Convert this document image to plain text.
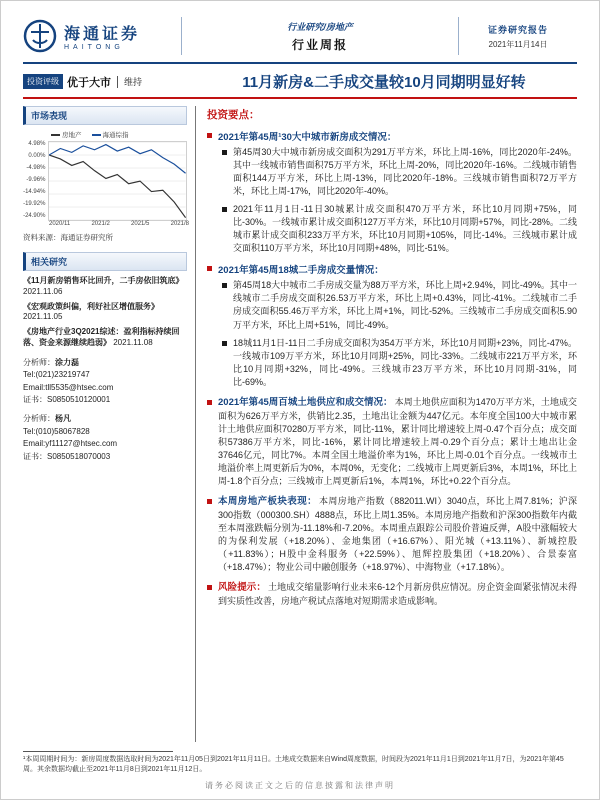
海通证券
HAITONG
行业研究/房地产
行业周报
证券研究报告
2021年11月14日
投资评级 优于大市 维持	11月新房&二手成交量较10月同期明显好转
市场表现
房地产	海通综指
4.98%
0.00%
-4.98%
-9.96%
-14.94%
-19.92%
-24.90%
2020/11	2021/2	2021/5	2021/8
资料来源：海通证券研究所
相关研究
《11月新房销售环比回升，二手房依旧筑底》 2021.11.06
《宏观政策纠偏，利好社区增值服务》 2021.11.05
《房地产行业3Q2021综述：盈利指标持续回落、资金来源继续趋弱》 2021.11.08
分析师：涂力磊
Tel:(021)23219747
Email:tll5535@htsec.com
证书：S0850510120001
分析师：杨凡
Tel:(010)58067828
Email:yf11127@htsec.com
证书：S0850518070003
投资要点：
2021年第45周¹30大中城市新房成交情况：

第45周30大中城市新房成交面积为291万平方米，环比上周-16%，同比2020年-24%。其中一线城市销售面积75万平方米，环比上周-20%，同比2020年-16%。二线城市销售面积144万平方米，环比上周-13%，同比2020年-18%。三线城市销售面积72万平方米，环比上周-17%，同比2020年-40%。

2021年11月1日-11日30城累计成交面积470万平方米，环比10月同期+75%，同比-30%。一线城市累计成交面积127万平方米，环比10月同期+57%，同比-28%。二线城市累计成交面积233万平方米，环比10月同期+105%，同比-14%。三线城市累计成交面积110万平方米，环比10月同期+48%，同比-51%。

2021年第45周18城二手房成交量情况：

第45周18大中城市二手房成交量为88万平方米，环比上周+2.94%，同比-49%。其中一线城市二手房成交面积26.53万平方米，环比上周+0.43%，同比-41%。二线城市二手房成交面积55.46万平方米，环比上周+1%，同比-52%。三线城市二手房成交面积5.90万平方米，环比上周+51%，同比-49%。

18城11月1日-11日二手房成交面积为354万平方米，环比10月同期+23%，同比-47%。一线城市109万平方米，环比10月同期+25%，同比-33%。二线城市221万平方米，环比10月同期+32%，同比-49%。三线城市23万平方米，环比10月同期-31%，同比-69%。

2021年第45周百城土地供应和成交情况： 本周土地供应面积为1470万平方米，土地成交面积为626万平方米，供销比2.35，土地出让金额为447亿元。本年度全国100大中城市累计土地供应面积70280万平方米，同比-11%，累计同比增速较上周-0.47个百分点；成交面积57386万平方米，同比-16%，累计同比增速较上周-0.29个百分点；累计土地出让金37646亿元，同比7%。本周全国土地溢价率为1%，环比上周-0.01个百分点。一线城市土地溢价率上周更新后为0%，本周0%，无变化；二线城市上周更新后3%，本周1%，环比上周-1.8个百分点；三线城市上周更新后1%，本周1%，环比+0.22个百分点。

本周房地产板块表现： 本周房地产指数（882011.WI）3040点，环比上周7.81%；沪深300指数（000300.SH）4888点，环比上周1.35%。本周房地产指数和沪深300指数年内截至本周涨跌幅分别为-11.18%和-7.20%。本周重点跟踪公司股价普遍反弹，A股中涨幅较大的为保利发展（+18.20%）、金地集团（+16.67%）、阳光城（+13.11%）、新城控股（+11.83%）；H股中金科服务（+22.59%）、旭辉控股集团（+18.20%）、合景泰富（+18.47%）；物业公司中融创服务（+18.97%）、中海物业（+17.18%）。

风险提示： 土地成交缩量影响行业未来6-12个月新房供应情况。房企资金面紧张情况未得到实质性改善，房地产税试点落地对短期需求造成影响。

¹本周周期时间为：新房周度数据选取时间为2021年11月05日到2021年11月11日。土地成交数据来自Wind周度数据，时间段为2021年11月1日到2021年11月7日，为2021年第45周。其余数据均截止至2021年11月8日到2021年11月12日。
请务必阅读正文之后的信息披露和法律声明
